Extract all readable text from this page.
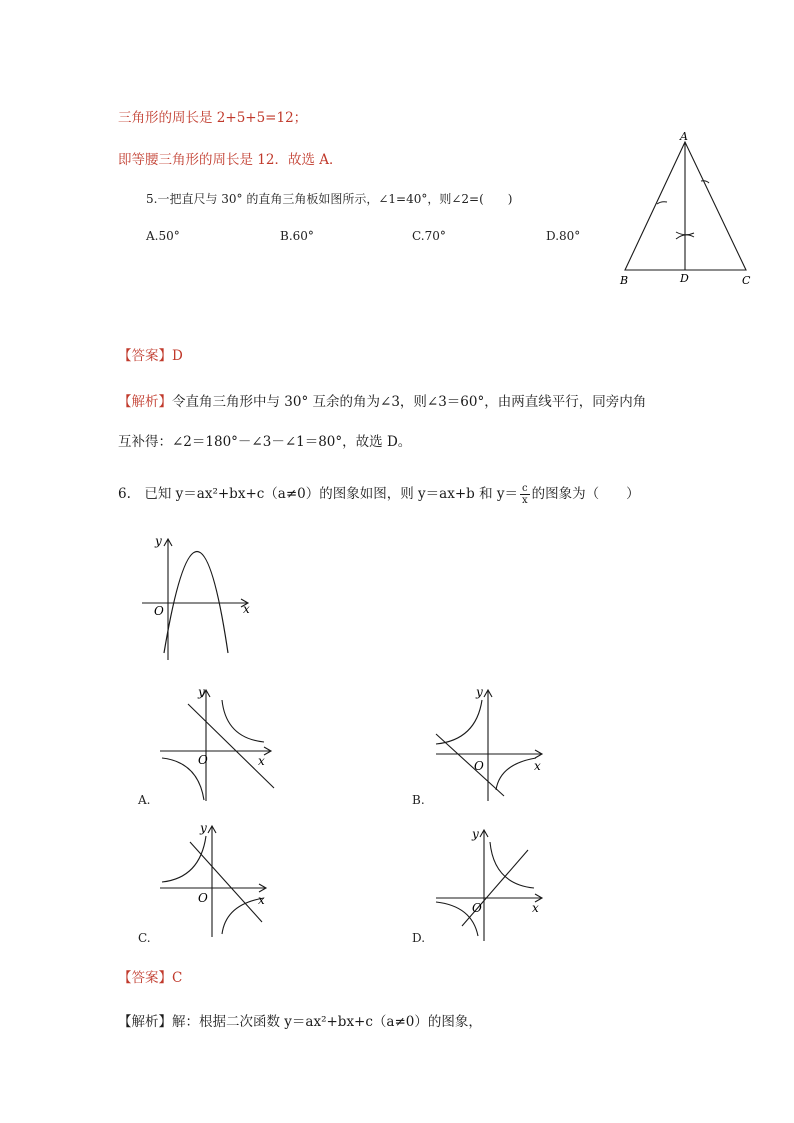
三角形的周长是 2+5+5=12；
即等腰三角形的周长是 12．故选 A．
5.一把直尺与 30° 的直角三角板如图所示，∠1=40°，则∠2=(　　)
A.50°	B.60°	C.70°	D.80°
A
B	D	C
【答案】D
【解析】令直角三角形中与 30° 互余的角为∠3，则∠3＝60°，由两直线平行，同旁内角
互补得：∠2＝180°－∠3－∠1＝80°，故选 D。
6.　已知 y＝ax²+bx+c（a≠0）的图象如图，则 y＝ax+b 和 $y= \frac{c}{x}$ 的图象为（　　）
y
x
O
y
x
O
A.
y
x
O
B.
y
x
O
C.
y
x
O
D.
【答案】C
【解析】解：根据二次函数 y＝ax²+bx+c（a≠0）的图象，
